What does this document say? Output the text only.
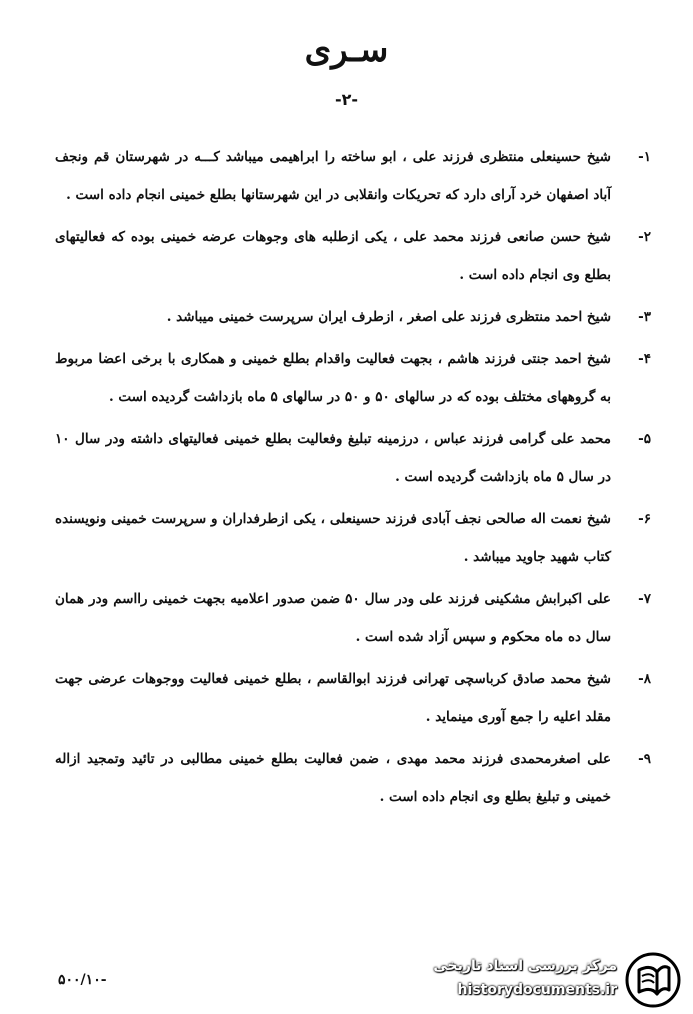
سـرى
-۲-
۱-
شیخ حسینعلی منتظری فرزند علی ، ابو ساخته را ابراهیمی میباشد کـــه در شهرستان قم ونجف آباد اصفهان خرد آرای دارد که تحریکات وانقلابی در این شهرستانها بطلع خمینی انجام داده است .
۲-
شیخ حسن صانعی فرزند محمد علی ، یکی ازطلبه های وجوهات عرضه خمینی بوده که فعالیتهای بطلع وی انجام داده است .
۳-
شیخ احمد منتظری فرزند علی اصغر ، ازطرف ایران سرپرست خمینی میباشد .
۴-
شیخ احمد جنتی فرزند هاشم ، بجهت فعالیت واقدام بطلع خمینی و همکاری با برخی اعضا مربوط به گروههای مختلف بوده که در سالهای ۵۰ و ۵۰ در سالهای ۵ ماه بازداشت گردیده است .
۵-
محمد علی گرامی فرزند عباس ، درزمینه تبلیغ وفعالیت بطلع خمینی فعالیتهای داشته ودر سال ۱۰ در سال ۵ ماه بازداشت گردیده است .
۶-
شیخ نعمت اله صالحی نجف آبادی فرزند حسینعلی ، یکی ازطرفداران و سرپرست خمینی ونویسنده کتاب شهید جاوید میباشد .
۷-
علی اکبرابش مشکینی فرزند علی ودر سال ۵۰ ضمن صدور اعلامیه بجهت خمینی رااسم ودر همان سال ده ماه محکوم و سپس آزاد شده است .
۸-
شیخ محمد صادق کرباسچی تهرانی فرزند ابوالقاسم ، بطلع خمینی فعالیت ووجوهات عرضی جهت مقلد اعلیه را جمع آوری مینماید .
۹-
علی اصغرمحمدی فرزند محمد مهدی ، ضمن فعالیت بطلع خمینی مطالبی در تائید وتمجید ازاله خمینی و تبلیغ بطلع وی انجام داده است .
۵۰۰/۱۰-
مرکز بررسی اسناد تاریخی
historydocuments.ir
